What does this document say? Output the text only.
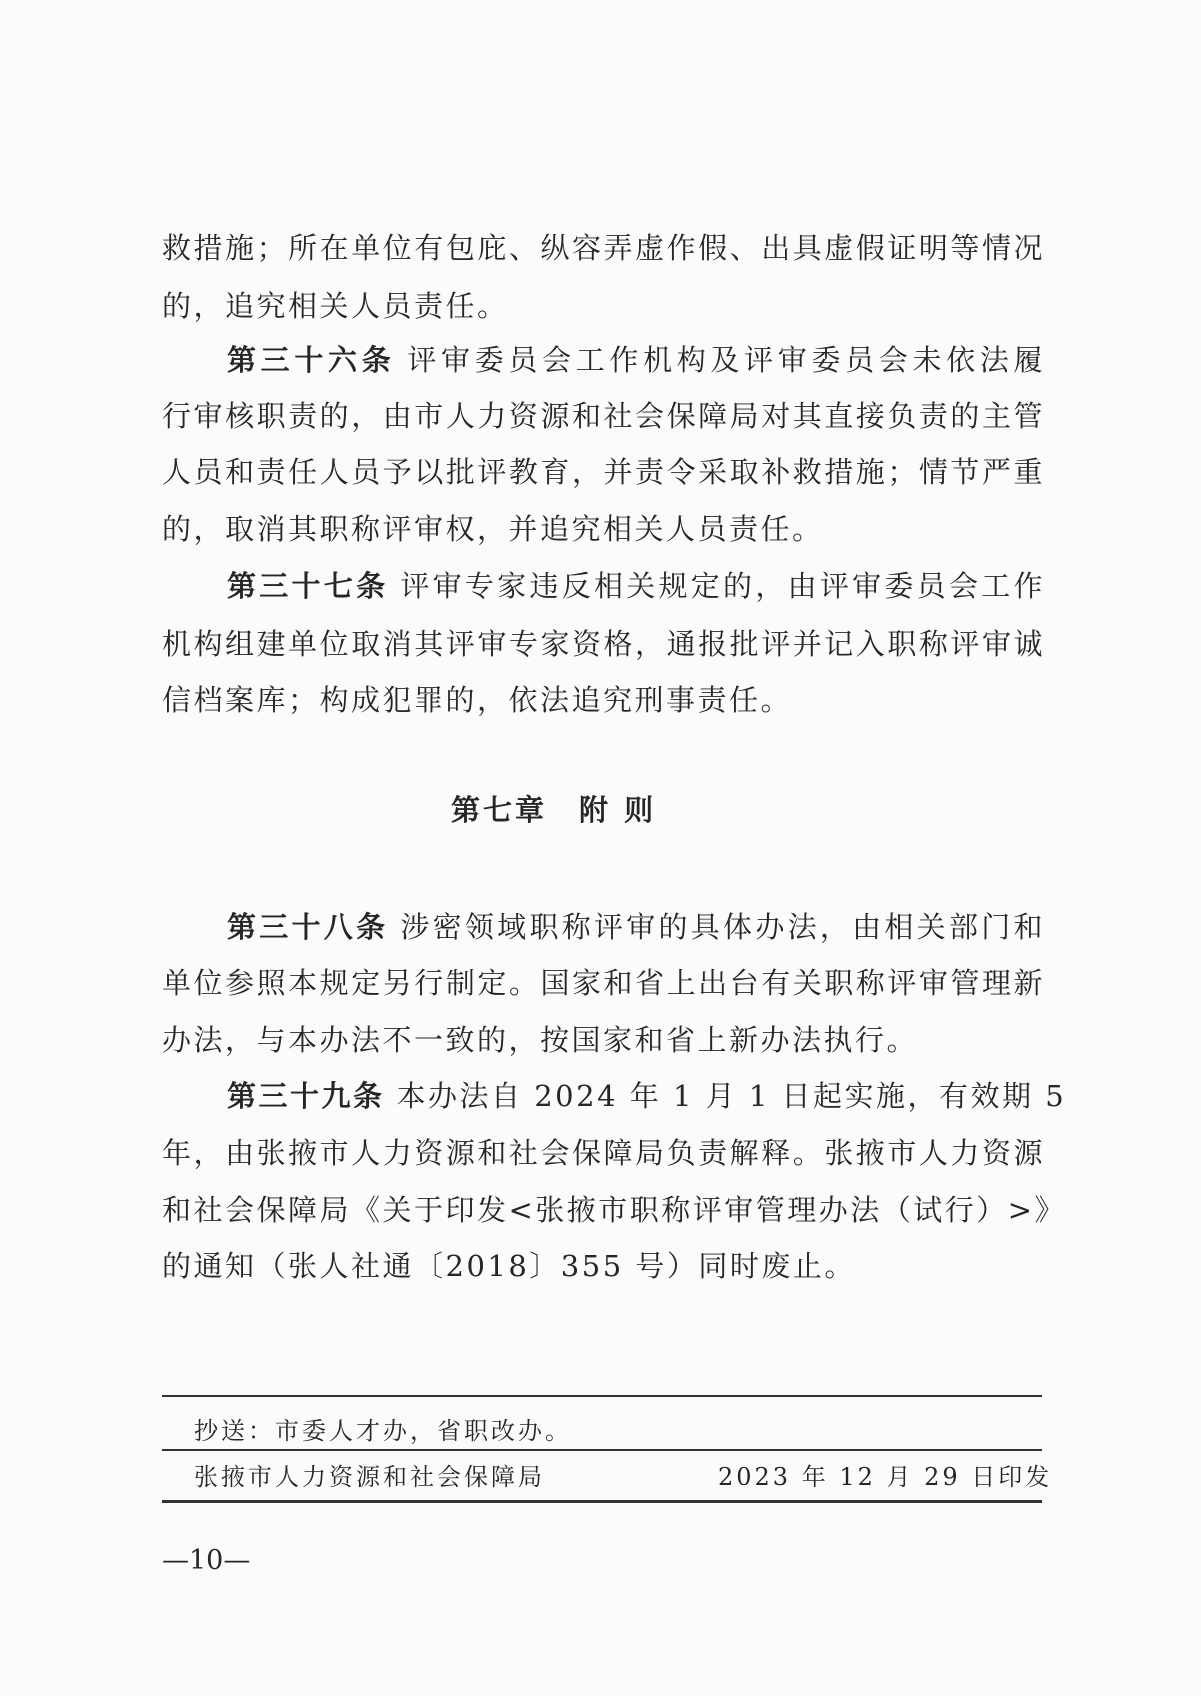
救措施；所在单位有包庇、纵容弄虚作假、出具虚假证明等情况
的，追究相关人员责任。
第三十六条 评审委员会工作机构及评审委员会未依法履
行审核职责的，由市人力资源和社会保障局对其直接负责的主管
人员和责任人员予以批评教育，并责令采取补救措施；情节严重
的，取消其职称评审权，并追究相关人员责任。
第三十七条 评审专家违反相关规定的，由评审委员会工作
机构组建单位取消其评审专家资格，通报批评并记入职称评审诚
信档案库；构成犯罪的，依法追究刑事责任。
第七章　附 则
第三十八条 涉密领域职称评审的具体办法，由相关部门和
单位参照本规定另行制定。国家和省上出台有关职称评审管理新
办法，与本办法不一致的，按国家和省上新办法执行。
第三十九条 本办法自 2024 年 1 月 1 日起实施，有效期 5
年，由张掖市人力资源和社会保障局负责解释。张掖市人力资源
和社会保障局《关于印发<张掖市职称评审管理办法（试行）>》
的通知（张人社通〔2018〕355 号）同时废止。
抄送：市委人才办，省职改办。
张掖市人力资源和社会保障局	2023 年 12 月 29 日印发
—10—
